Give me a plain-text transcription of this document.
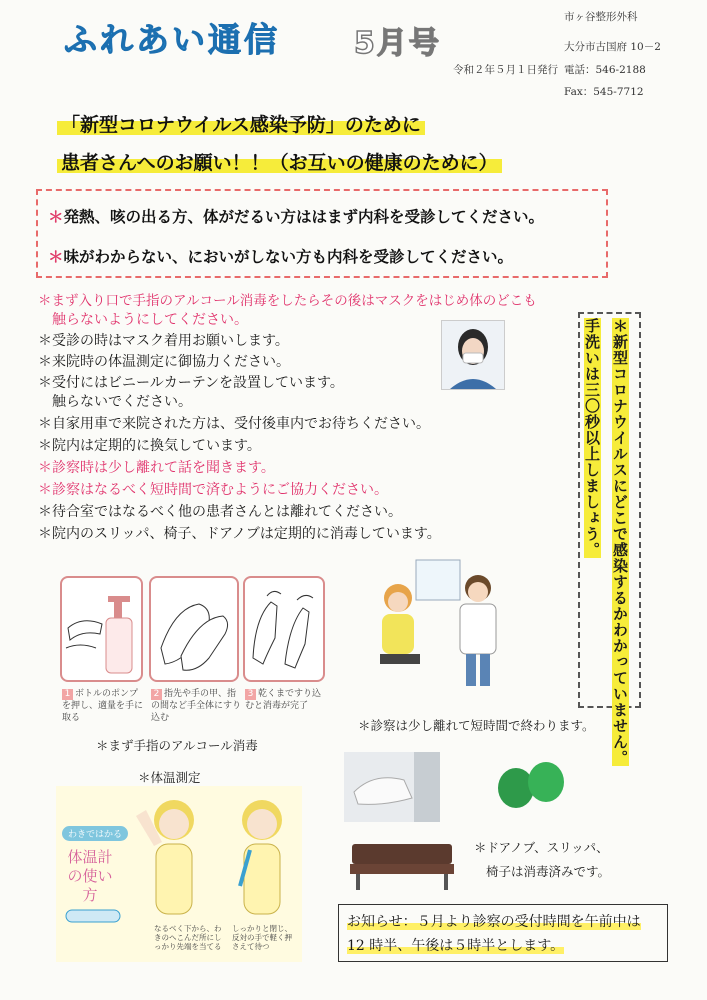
ふれあい通信 5月号
令和２年５月１日発行
市ヶ谷整形外科
大分市古国府 10－2
電話：546-2188
Fax：545-7712
「新型コロナウイルス感染予防」のために
患者さんへのお願い！！（お互いの健康のために）
＊発熱、咳の出る方、体がだるい方ははまず内科を受診してください。
＊味がわからない、においがしない方も内科を受診してください。
＊まず入り口で手指のアルコール消毒をしたらその後はマスクをはじめ体のどこも
　触らないようにしてください。
＊受診の時はマスク着用お願いします。
＊来院時の体温測定に御協力ください。
＊受付にはビニールカーテンを設置しています。
　触らないでください。
＊自家用車で来院された方は、受付後車内でお待ちください。
＊院内は定期的に換気しています。
＊診察時は少し離れて話を聞きます。
＊診察はなるべく短時間で済むようにご協力ください。
＊待合室ではなるべく他の患者さんとは離れてください。
＊院内のスリッパ、椅子、ドアノブは定期的に消毒しています。	＊新型コロナウイルスにどこで感染するかわかっていません。
手洗いは三〇秒以上しましょう。
1 ボトルのポンプを押し、適量を手に取る
2 指先や手の甲、指の間など手全体にすり込む
3 乾くまですり込むと消毒が完了
＊まず手指のアルコール消毒
＊診察は少し離れて短時間で終わります。
＊体温測定
わきではかる
体温計の使い方
なるべく下から、わきのへこんだ所にしっかり先端を当てる
しっかりと閉じ、反対の手で軽く押さえて待つ
＊ドアノブ、スリッパ、
椅子は消毒済みです。
お知らせ：５月より診察の受付時間を午前中は
12 時半、午後は５時半とします。
